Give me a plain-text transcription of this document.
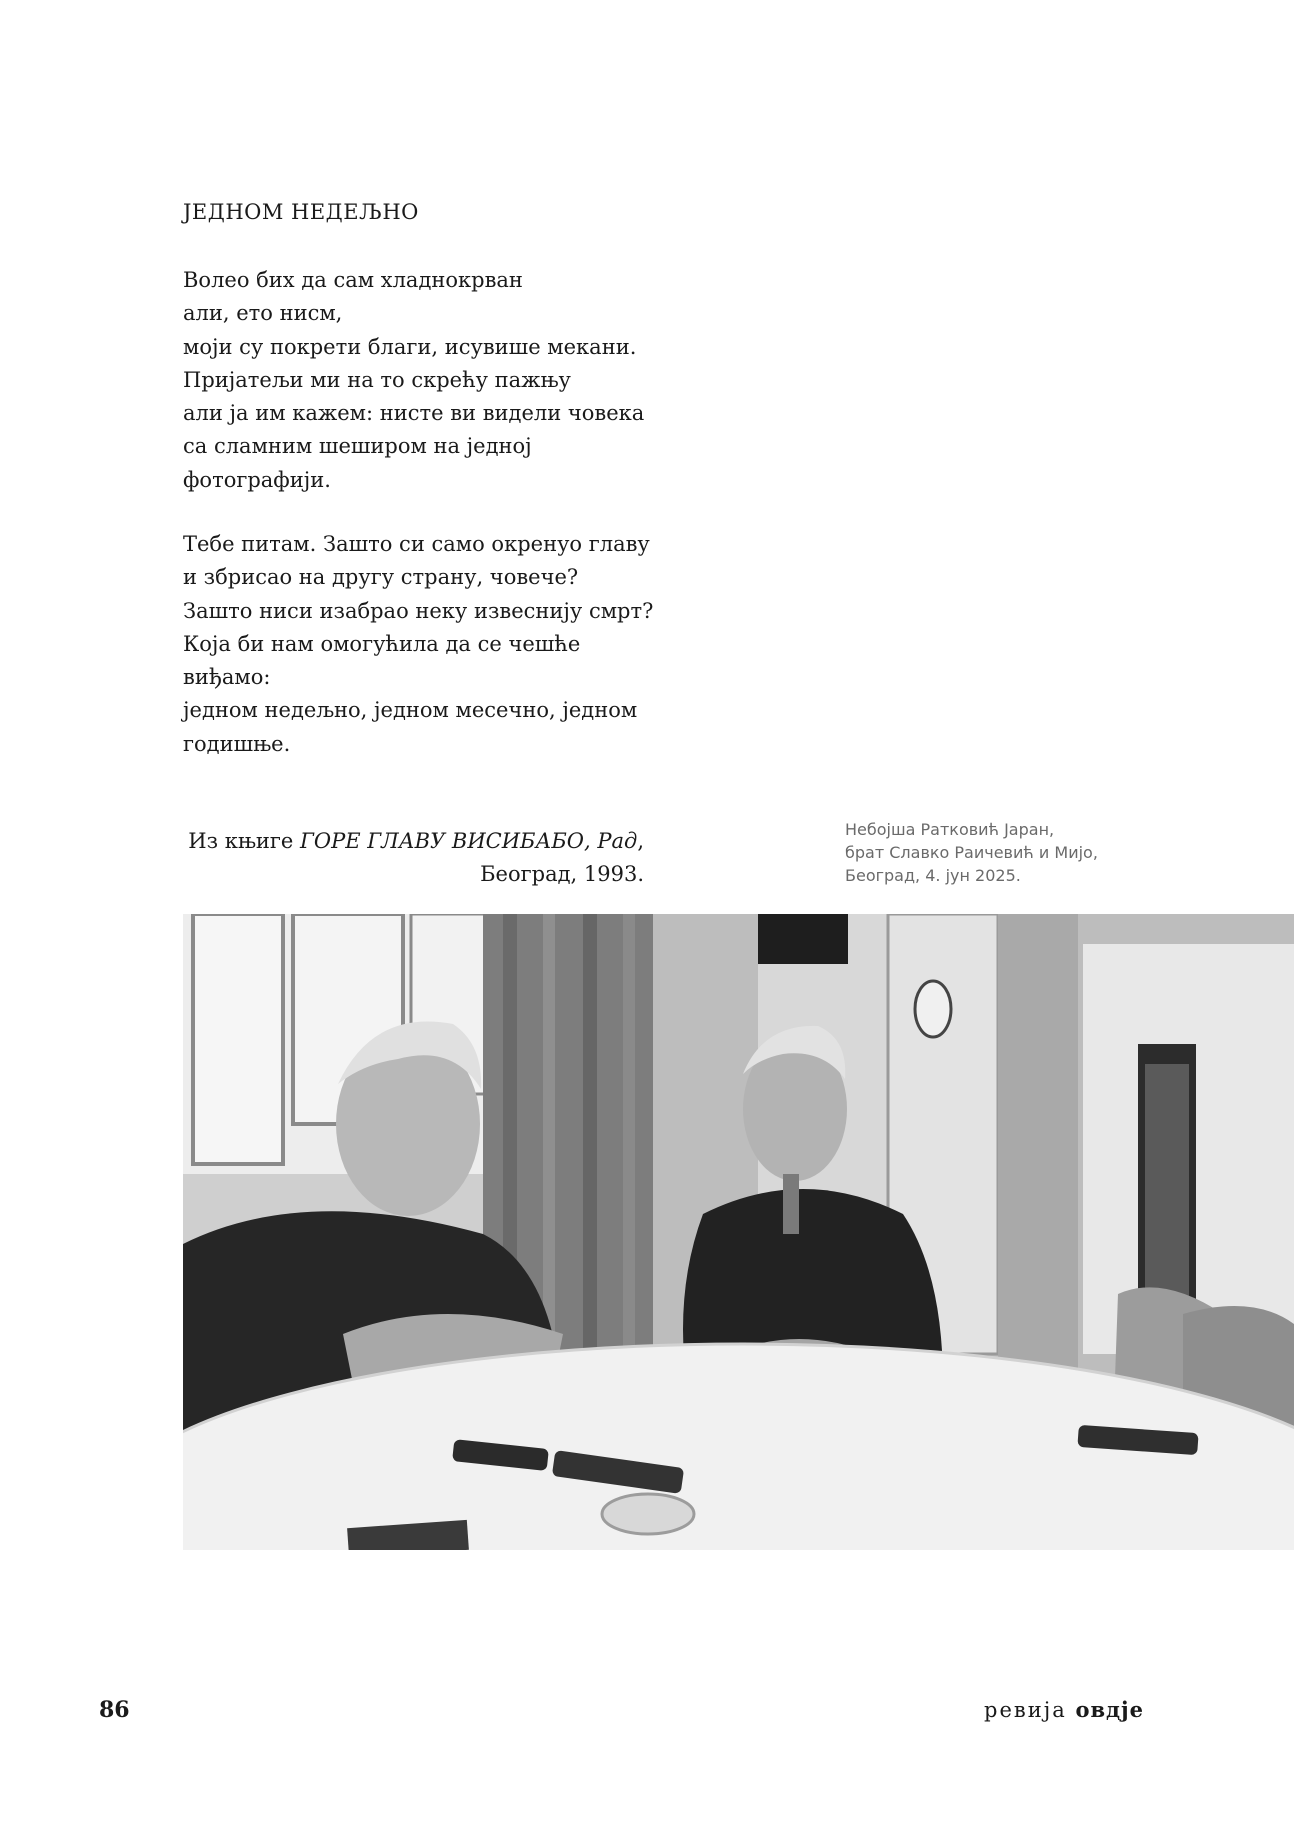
ЈЕДНОМ НЕДЕЉНО
Волео бих да сам хладнокрван
али, ето нисм,
моји су покрети благи, исувише мекани.
Пријатељи ми на то скрећу пажњу
али ја им кажем: нисте ви видели човека
са сламним шеширом на једној
фотографији.
Тебе питам. Зашто си само окренуо главу
и збрисао на другу страну, човече?
Зашто ниси изабрао неку извеснију смрт?
Која би нам омогућила да се чешће
виђамо:
једном недељно, једном месечно, једном
годишње.
Из књиге ГОРЕ ГЛАВУ ВИСИБАБО, Рад,
Београд, 1993.
Небојша Ратковић Јаран,
брат Славко Раичевић и Мијо,
Београд, 4. јун 2025.
86	ревија овдје
